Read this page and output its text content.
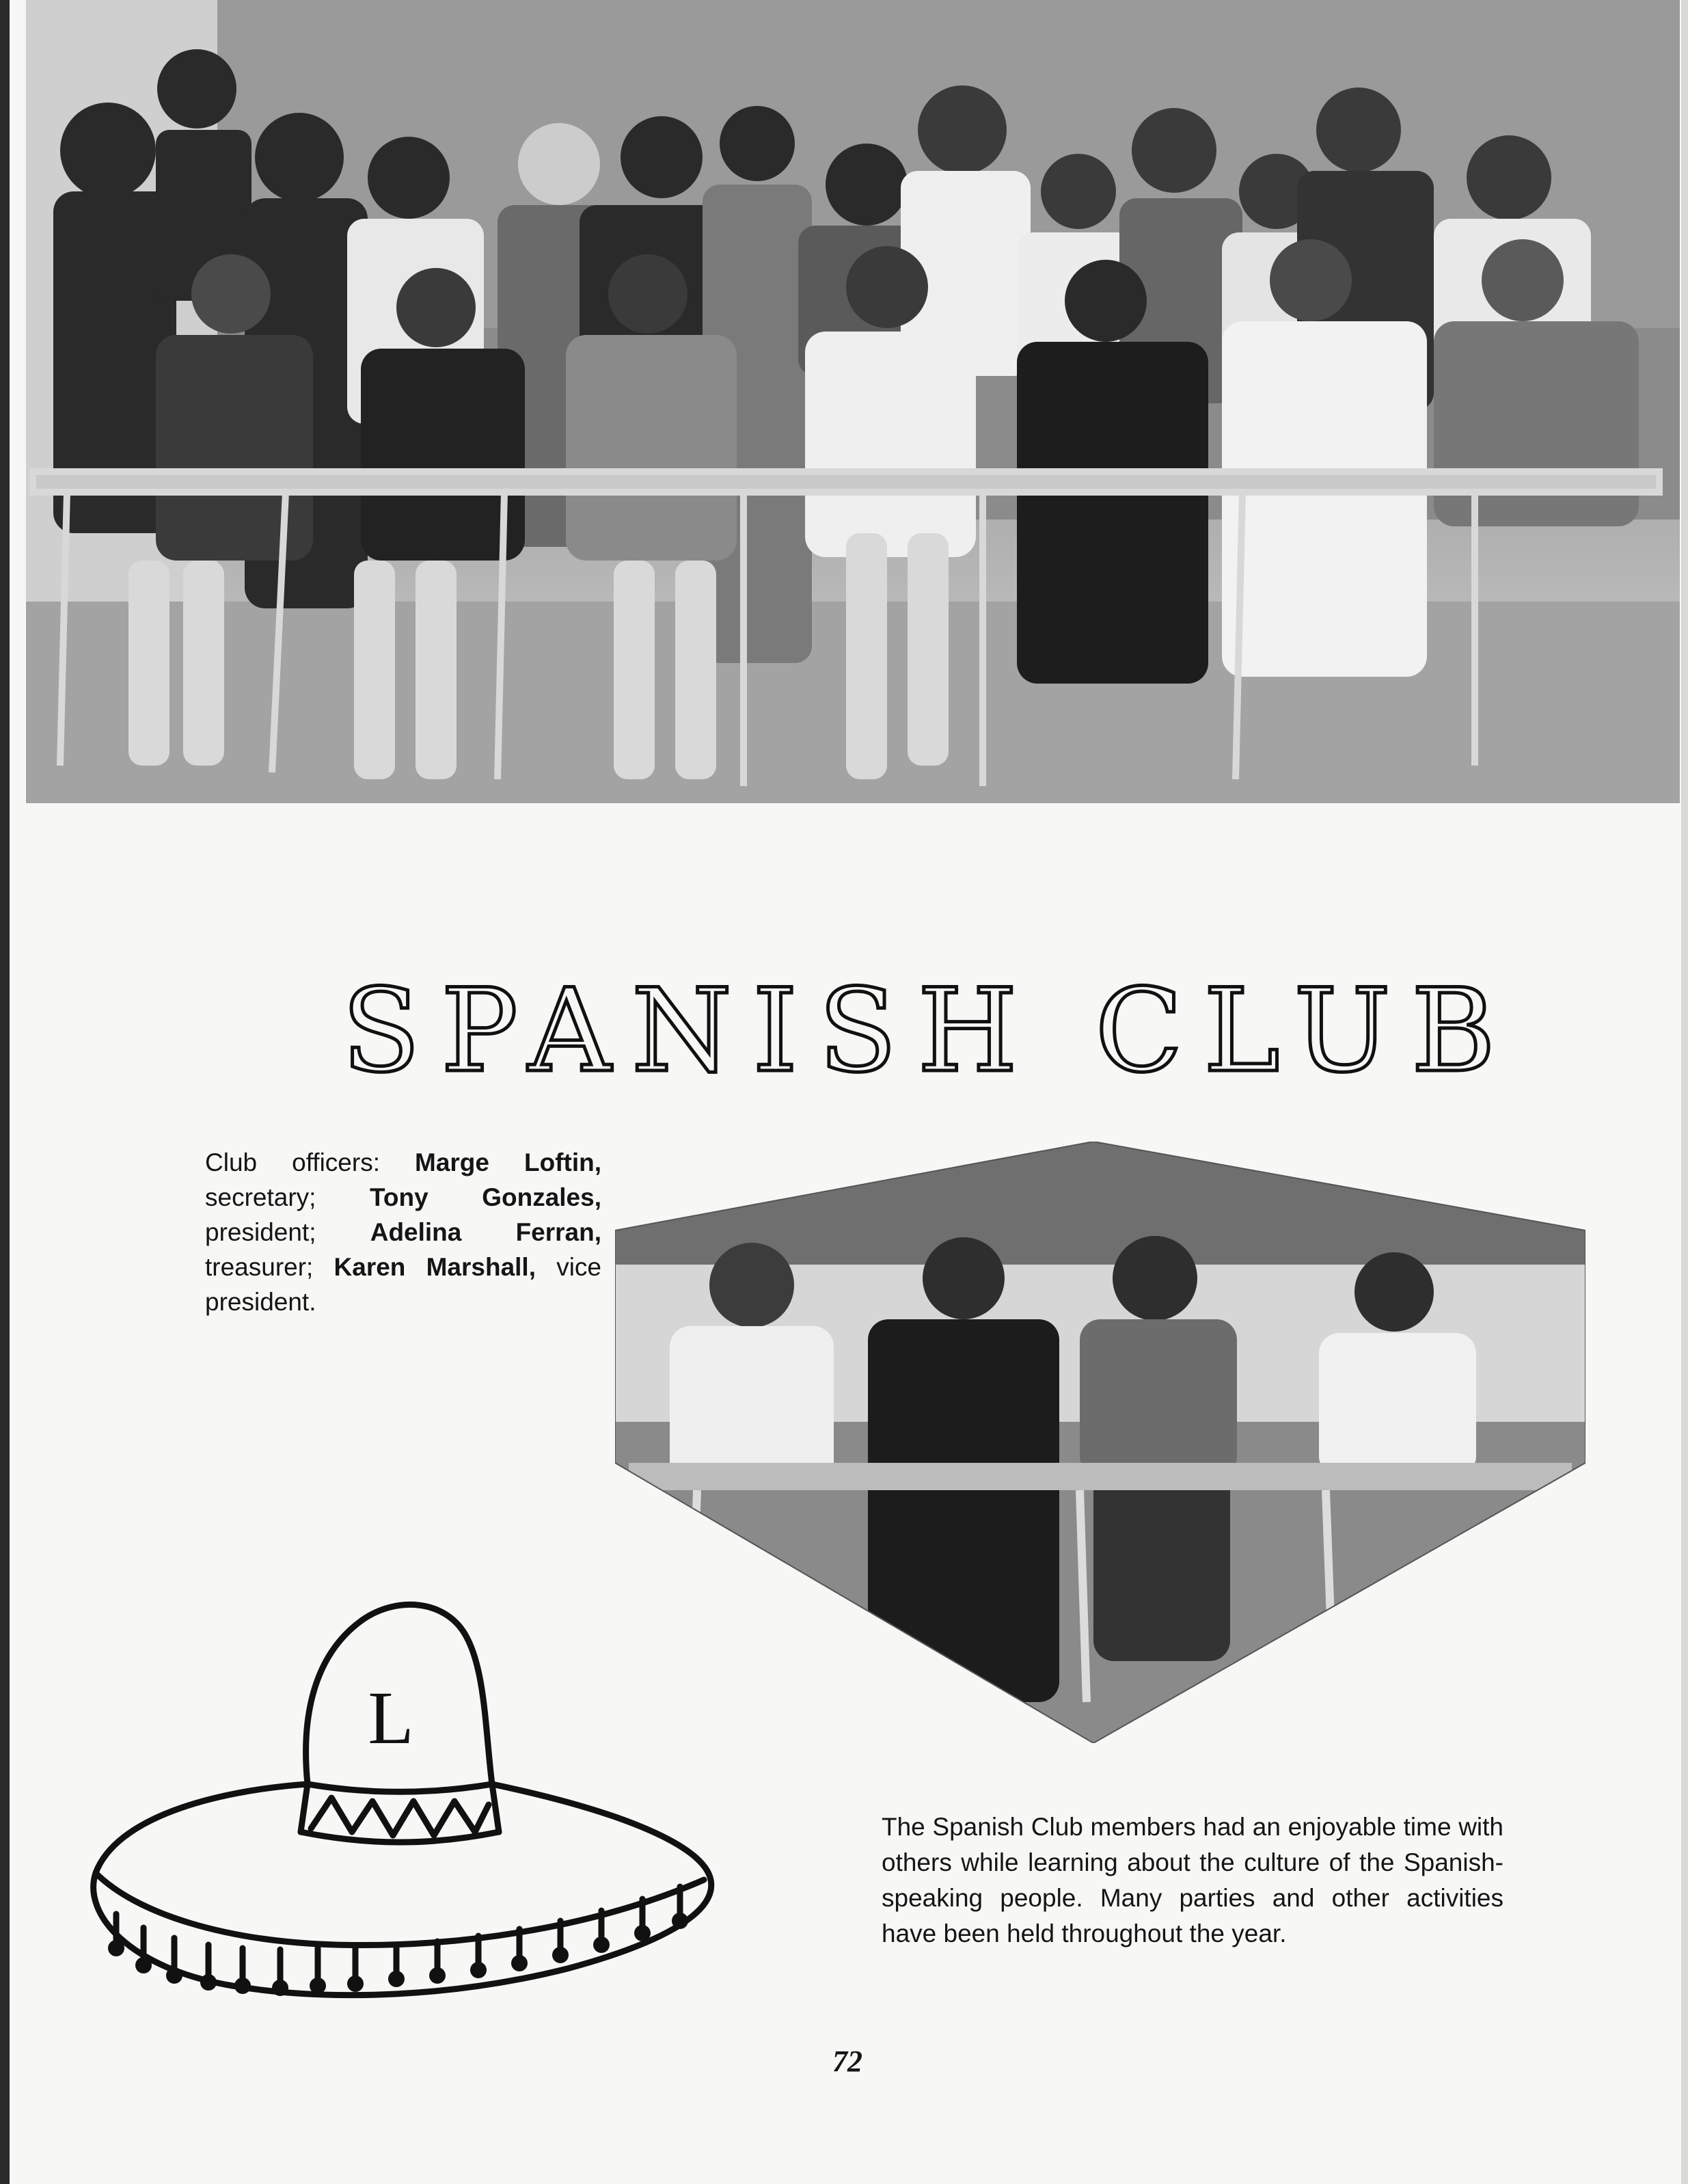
SPANISH CLUB
Club officers: Marge Loftin, secretary; Tony Gonzales, president; Adelina Ferran, treasurer; Karen Marshall, vice president.
L

The Spanish Club members had an enjoyable time with others while learning about the culture of the Spanish-speaking people. Many parties and other activities have been held throughout the year.

72
